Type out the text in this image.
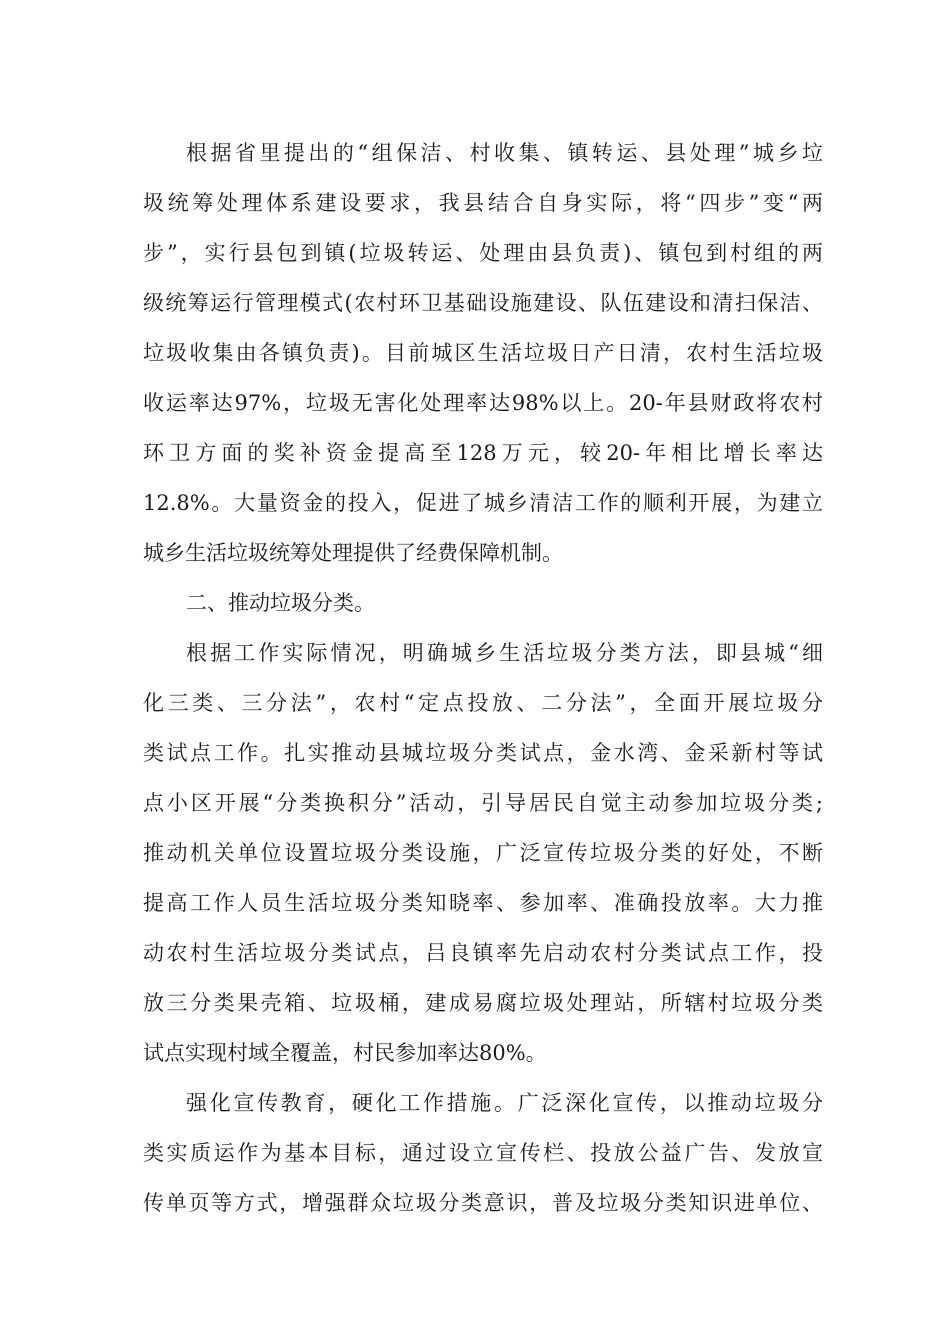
根据省里提出的“组保洁、村收集、镇转运、县处理”城乡垃
圾统筹处理体系建设要求，我县结合自身实际，将“四步”变“两
步”，实行县包到镇(垃圾转运、处理由县负责)、镇包到村组的两
级统筹运行管理模式(农村环卫基础设施建设、队伍建设和清扫保洁、
垃圾收集由各镇负责)。目前城区生活垃圾日产日清，农村生活垃圾
收运率达97%，垃圾无害化处理率达98%以上。20-年县财政将农村
环卫方面的奖补资金提高至128万元，较20-年相比增长率达
12.8%。大量资金的投入，促进了城乡清洁工作的顺利开展，为建立
城乡生活垃圾统筹处理提供了经费保障机制。
二、推动垃圾分类。
根据工作实际情况，明确城乡生活垃圾分类方法，即县城“细
化三类、三分法”，农村“定点投放、二分法”，全面开展垃圾分
类试点工作。扎实推动县城垃圾分类试点，金水湾、金采新村等试
点小区开展“分类换积分”活动，引导居民自觉主动参加垃圾分类;
推动机关单位设置垃圾分类设施，广泛宣传垃圾分类的好处，不断
提高工作人员生活垃圾分类知晓率、参加率、准确投放率。大力推
动农村生活垃圾分类试点，吕良镇率先启动农村分类试点工作，投
放三分类果壳箱、垃圾桶，建成易腐垃圾处理站，所辖村垃圾分类
试点实现村域全覆盖，村民参加率达80%。
强化宣传教育，硬化工作措施。广泛深化宣传，以推动垃圾分
类实质运作为基本目标，通过设立宣传栏、投放公益广告、发放宣
传单页等方式，增强群众垃圾分类意识，普及垃圾分类知识进单位、
